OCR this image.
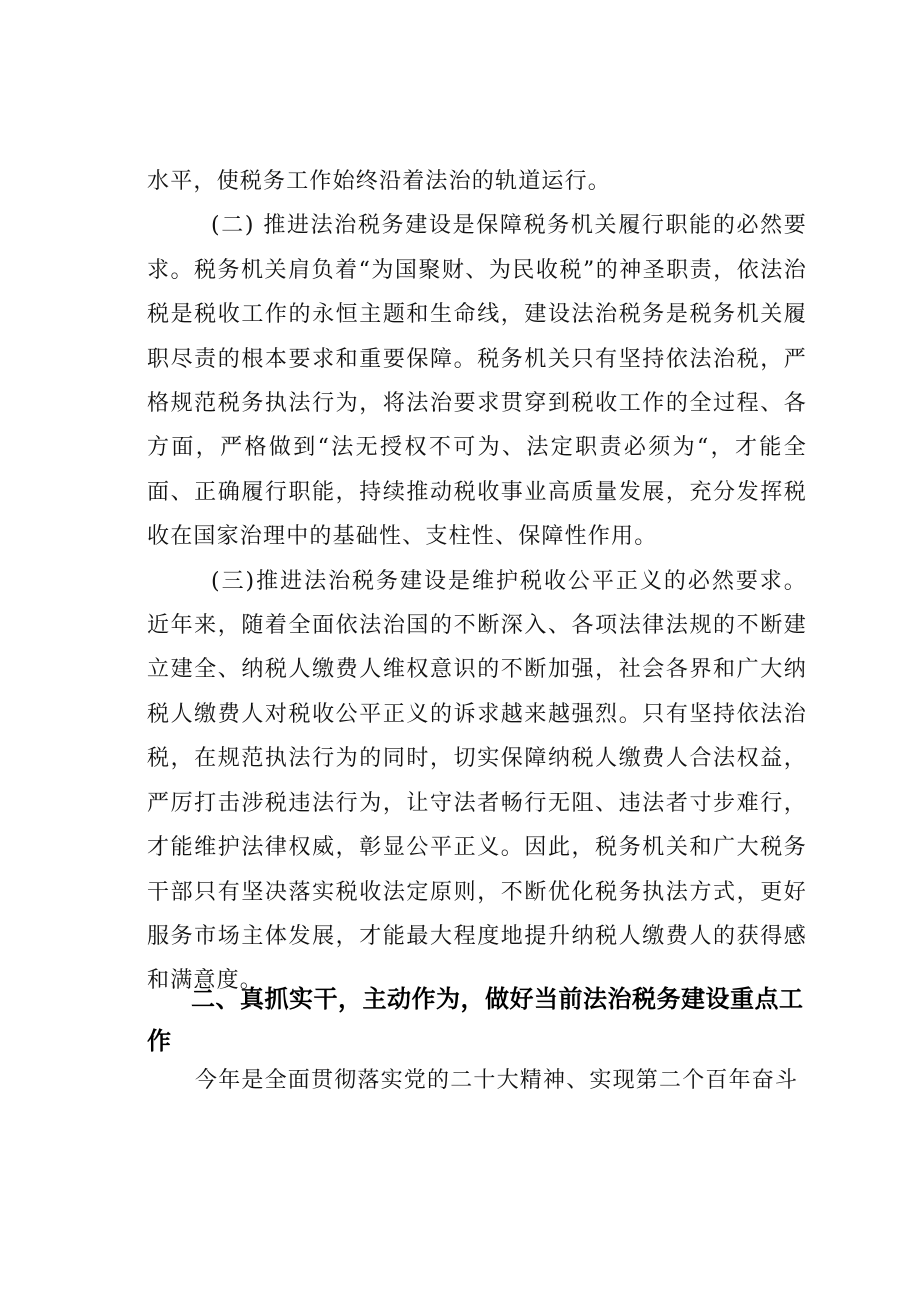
水平，使税务工作始终沿着法治的轨道运行。

(二) 推进法治税务建设是保障税务机关履行职能的必然要求。税务机关肩负着“为国聚财、为民收税”的神圣职责，依法治税是税收工作的永恒主题和生命线，建设法治税务是税务机关履职尽责的根本要求和重要保障。税务机关只有坚持依法治税，严格规范税务执法行为，将法治要求贯穿到税收工作的全过程、各方面，严格做到“法无授权不可为、法定职责必须为“，才能全面、正确履行职能，持续推动税收事业高质量发展，充分发挥税收在国家治理中的基础性、支柱性、保障性作用。

(三)推进法治税务建设是维护税收公平正义的必然要求。近年来，随着全面依法治国的不断深入、各项法律法规的不断建立建全、纳税人缴费人维权意识的不断加强，社会各界和广大纳税人缴费人对税收公平正义的诉求越来越强烈。只有坚持依法治税，在规范执法行为的同时，切实保障纳税人缴费人合法权益，严厉打击涉税违法行为，让守法者畅行无阻、违法者寸步难行，才能维护法律权威，彰显公平正义。因此，税务机关和广大税务干部只有坚决落实税收法定原则，不断优化税务执法方式，更好服务市场主体发展，才能最大程度地提升纳税人缴费人的获得感和满意度。

二、真抓实干，主动作为，做好当前法治税务建设重点工作
今年是全面贯彻落实党的二十大精神、实现第二个百年奋斗
